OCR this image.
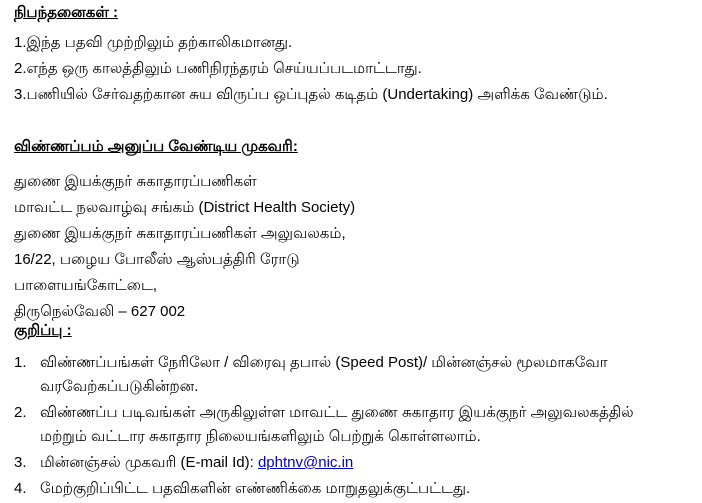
நிபந்தனைகள் :
1.இந்த பதவி முற்றிலும் தற்காலிகமானது.
2.எந்த ஒரு காலத்திலும் பணிநிரந்தரம் செய்யப்படமாட்டாது.
3.பணியில் சேர்வதற்கான சுய விருப்ப ஒப்புதல் கடிதம் (Undertaking) அளிக்க வேண்டும்.
விண்ணப்பம் அனுப்ப வேண்டிய முகவரி:
துணை இயக்குநர் சுகாதாரப்பணிகள்
மாவட்ட நலவாழ்வு சங்கம் (District Health Society)
துணை இயக்குநர் சுகாதாரப்பணிகள் அலுவலகம்,
16/22, பழைய போலீஸ் ஆஸ்பத்திரி ரோடு
பாளையங்கோட்டை,
திருநெல்வேலி – 627 002
குறிப்பு :
1. விண்ணப்பங்கள் நேரிலோ / விரைவு தபால் (Speed Post)/ மின்னஞ்சல் மூலமாகவோ
வரவேற்கப்படுகின்றன.
2. விண்ணப்ப படிவங்கள் அருகிலுள்ள மாவட்ட துணை சுகாதார இயக்குநர் அலுவலகத்தில்
மற்றும் வட்டார சுகாதார நிலையங்களிலும் பெற்றுக் கொள்ளலாம்.
3. மின்னஞ்சல் முகவரி (E-mail Id): dphtnv@nic.in
4. மேற்குறிப்பிட்ட பதவிகளின் எண்ணிக்கை மாறுதலுக்குட்பட்டது.
